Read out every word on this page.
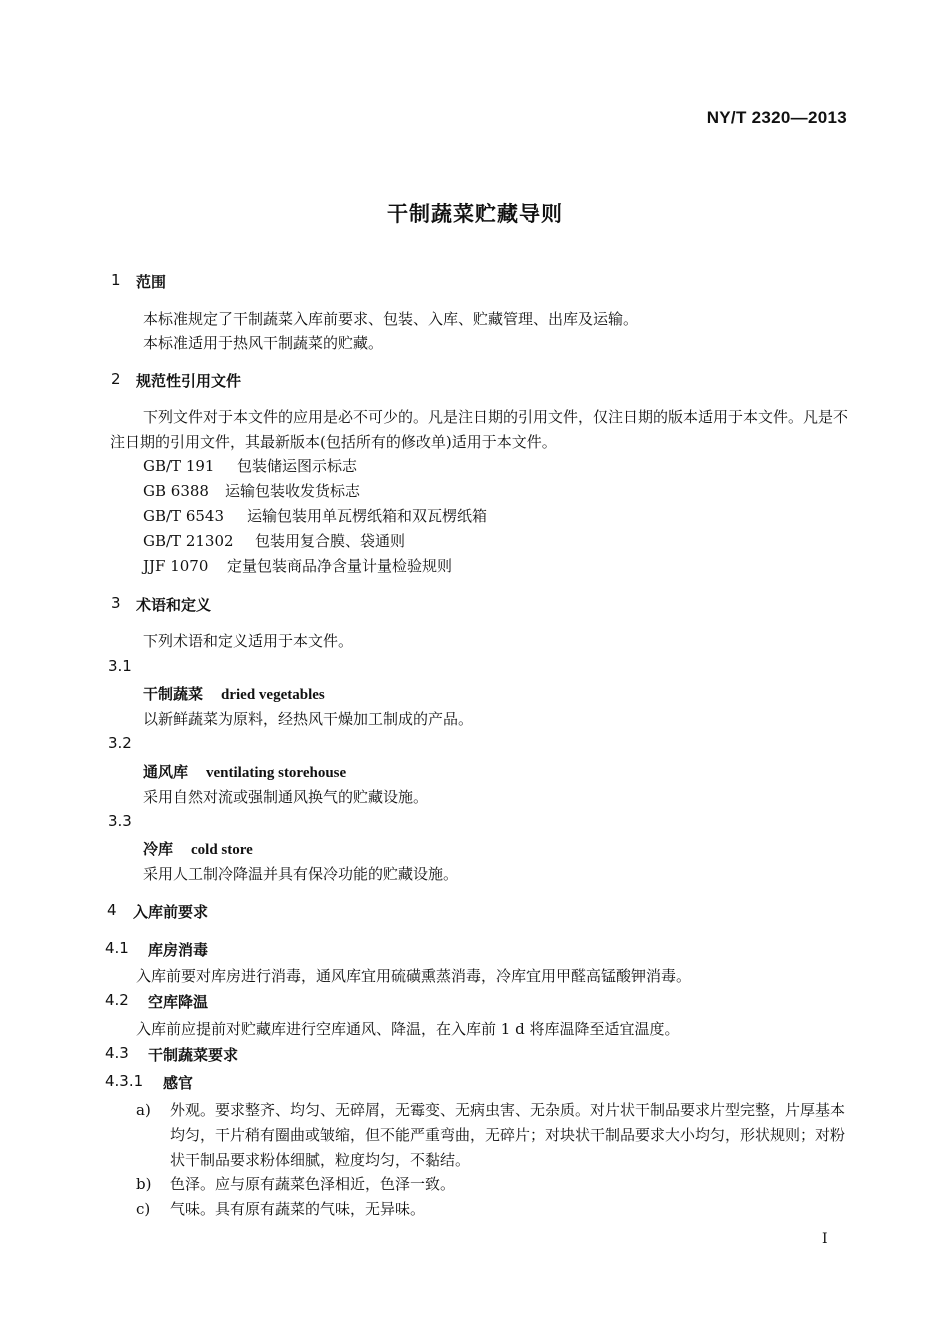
NY/T 2320—2013
干制蔬菜贮藏导则
1 范围
本标准规定了干制蔬菜入库前要求、包装、入库、贮藏管理、出库及运输。
本标准适用于热风干制蔬菜的贮藏。
2 规范性引用文件
下列文件对于本文件的应用是必不可少的。凡是注日期的引用文件，仅注日期的版本适用于本文件。凡是不注日期的引用文件，其最新版本(包括所有的修改单)适用于本文件。
GB/T 191 包装储运图示标志
GB 6388 运输包装收发货标志
GB/T 6543 运输包装用单瓦楞纸箱和双瓦楞纸箱
GB/T 21302 包装用复合膜、袋通则
JJF 1070 定量包装商品净含量计量检验规则
3 术语和定义
下列术语和定义适用于本文件。
3.1
干制蔬菜 dried vegetables
以新鲜蔬菜为原料，经热风干燥加工制成的产品。
3.2
通风库 ventilating storehouse
采用自然对流或强制通风换气的贮藏设施。
3.3
冷库 cold store
采用人工制冷降温并具有保冷功能的贮藏设施。
4 入库前要求
4.1 库房消毒
入库前要对库房进行消毒，通风库宜用硫磺熏蒸消毒，冷库宜用甲醛高锰酸钾消毒。
4.2 空库降温
入库前应提前对贮藏库进行空库通风、降温，在入库前 1 d 将库温降至适宜温度。
4.3 干制蔬菜要求
4.3.1 感官
a) 外观。要求整齐、均匀、无碎屑，无霉变、无病虫害、无杂质。对片状干制品要求片型完整，片厚基本均匀，干片稍有圈曲或皱缩，但不能严重弯曲，无碎片；对块状干制品要求大小均匀，形状规则；对粉状干制品要求粉体细腻，粒度均匀，不黏结。
b) 色泽。应与原有蔬菜色泽相近，色泽一致。
c) 气味。具有原有蔬菜的气味，无异味。
I
